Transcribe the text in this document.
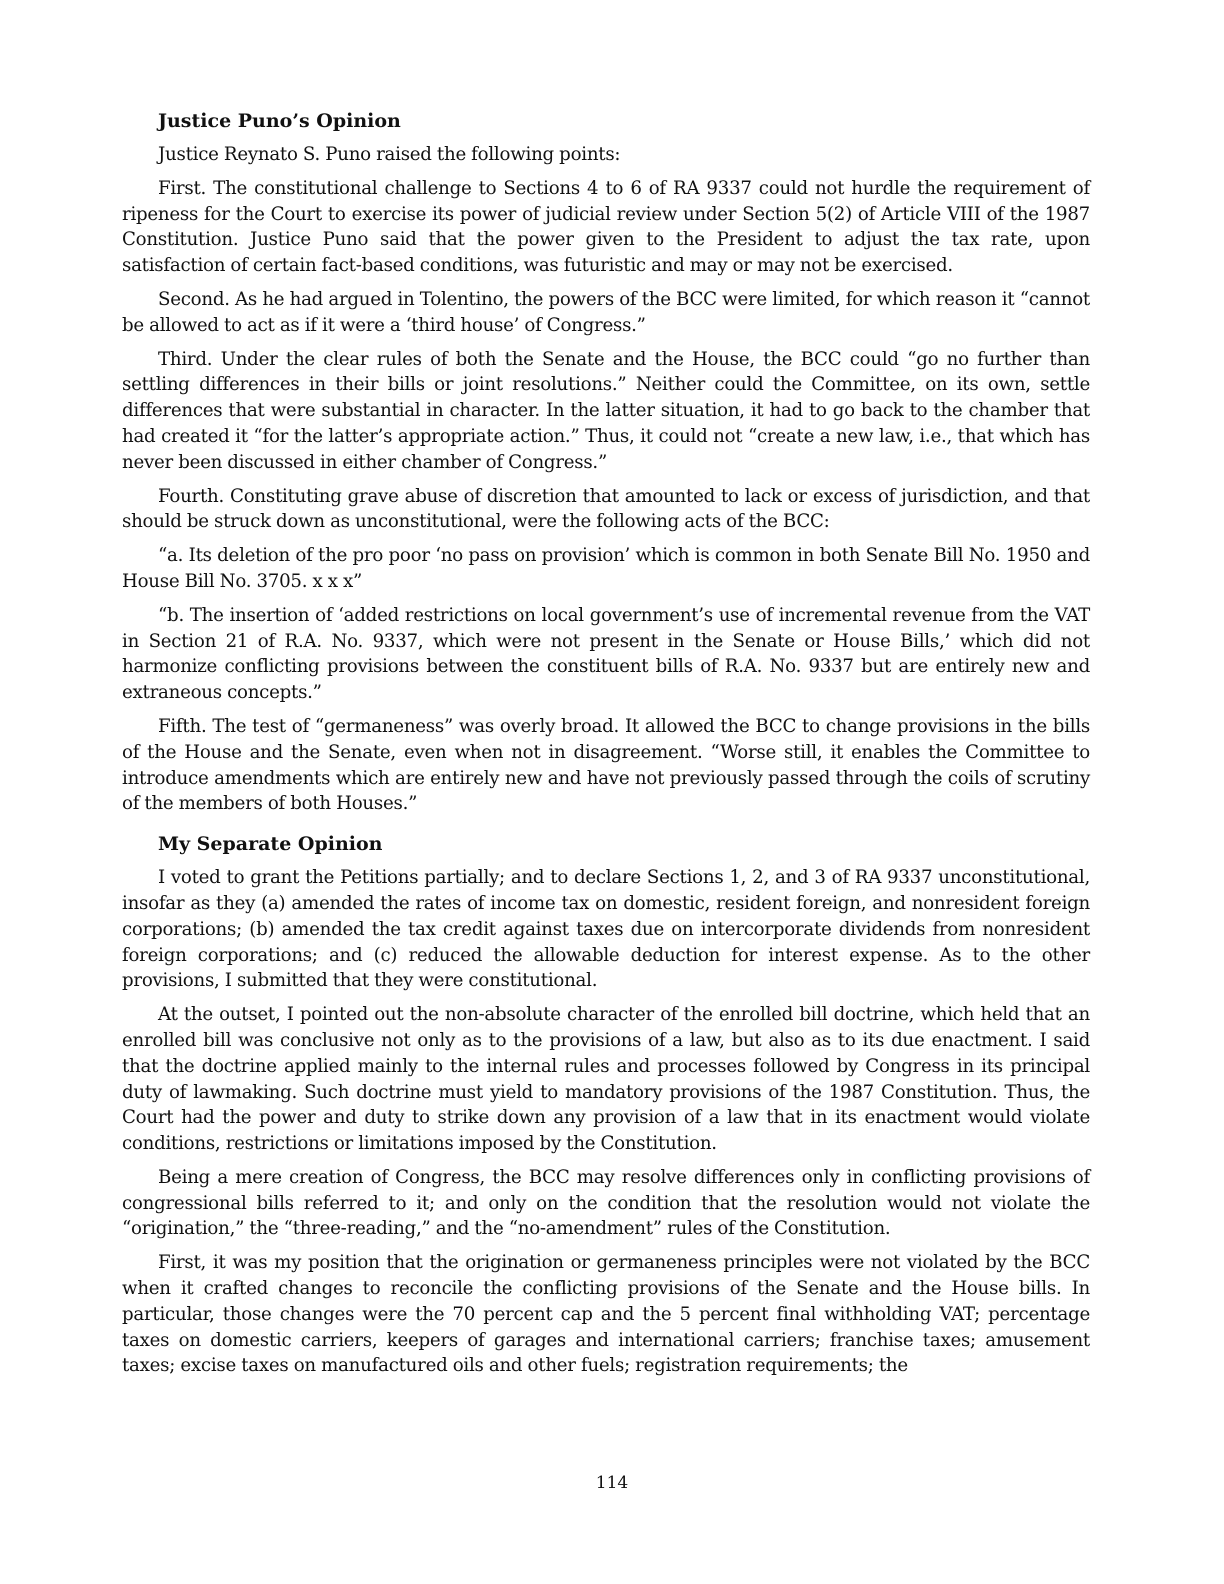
Justice Puno’s Opinion

Justice Reynato S. Puno raised the following points:

First. The constitutional challenge to Sections 4 to 6 of RA 9337 could not hurdle the requirement of ripeness for the Court to exercise its power of judicial review under Section 5(2) of Article VIII of the 1987 Constitution. Justice Puno said that the power given to the President to adjust the tax rate, upon satisfaction of certain fact-based conditions, was futuristic and may or may not be exercised.

Second. As he had argued in Tolentino, the powers of the BCC were limited, for which reason it “cannot be allowed to act as if it were a ‘third house’ of Congress.”

Third. Under the clear rules of both the Senate and the House, the BCC could “go no further than settling differences in their bills or joint resolutions.” Neither could the Committee, on its own, settle differences that were substantial in character. In the latter situation, it had to go back to the chamber that had created it “for the latter’s appropriate action.” Thus, it could not “create a new law, i.e., that which has never been discussed in either chamber of Congress.”

Fourth. Constituting grave abuse of discretion that amounted to lack or excess of jurisdiction, and that should be struck down as unconstitutional, were the following acts of the BCC:

“a. Its deletion of the pro poor ‘no pass on provision’ which is common in both Senate Bill No. 1950 and House Bill No. 3705. x x x”

“b. The insertion of ‘added restrictions on local government’s use of incremental revenue from the VAT in Section 21 of R.A. No. 9337, which were not present in the Senate or House Bills,’ which did not harmonize conflicting provisions between the constituent bills of R.A. No. 9337 but are entirely new and extraneous concepts.”

Fifth. The test of “germaneness” was overly broad. It allowed the BCC to change provisions in the bills of the House and the Senate, even when not in disagreement. “Worse still, it enables the Committee to introduce amendments which are entirely new and have not previously passed through the coils of scrutiny of the members of both Houses.”

My Separate Opinion

I voted to grant the Petitions partially; and to declare Sections 1, 2, and 3 of RA 9337 unconstitutional, insofar as they (a) amended the rates of income tax on domestic, resident foreign, and nonresident foreign corporations; (b) amended the tax credit against taxes due on intercorporate dividends from nonresident foreign corporations; and (c) reduced the allowable deduction for interest expense. As to the other provisions, I submitted that they were constitutional.

At the outset, I pointed out the non-absolute character of the enrolled bill doctrine, which held that an enrolled bill was conclusive not only as to the provisions of a law, but also as to its due enactment. I said that the doctrine applied mainly to the internal rules and processes followed by Congress in its principal duty of lawmaking. Such doctrine must yield to mandatory provisions of the 1987 Constitution. Thus, the Court had the power and duty to strike down any provision of a law that in its enactment would violate conditions, restrictions or limitations imposed by the Constitution.

Being a mere creation of Congress, the BCC may resolve differences only in conflicting provisions of congressional bills referred to it; and only on the condition that the resolution would not violate the “origination,” the “three-reading,” and the “no-amendment” rules of the Constitution.

First, it was my position that the origination or germaneness principles were not violated by the BCC when it crafted changes to reconcile the conflicting provisions of the Senate and the House bills. In particular, those changes were the 70 percent cap and the 5 percent final withholding VAT; percentage taxes on domestic carriers, keepers of garages and international carriers; franchise taxes; amusement taxes; excise taxes on manufactured oils and other fuels; registration requirements; the

114
